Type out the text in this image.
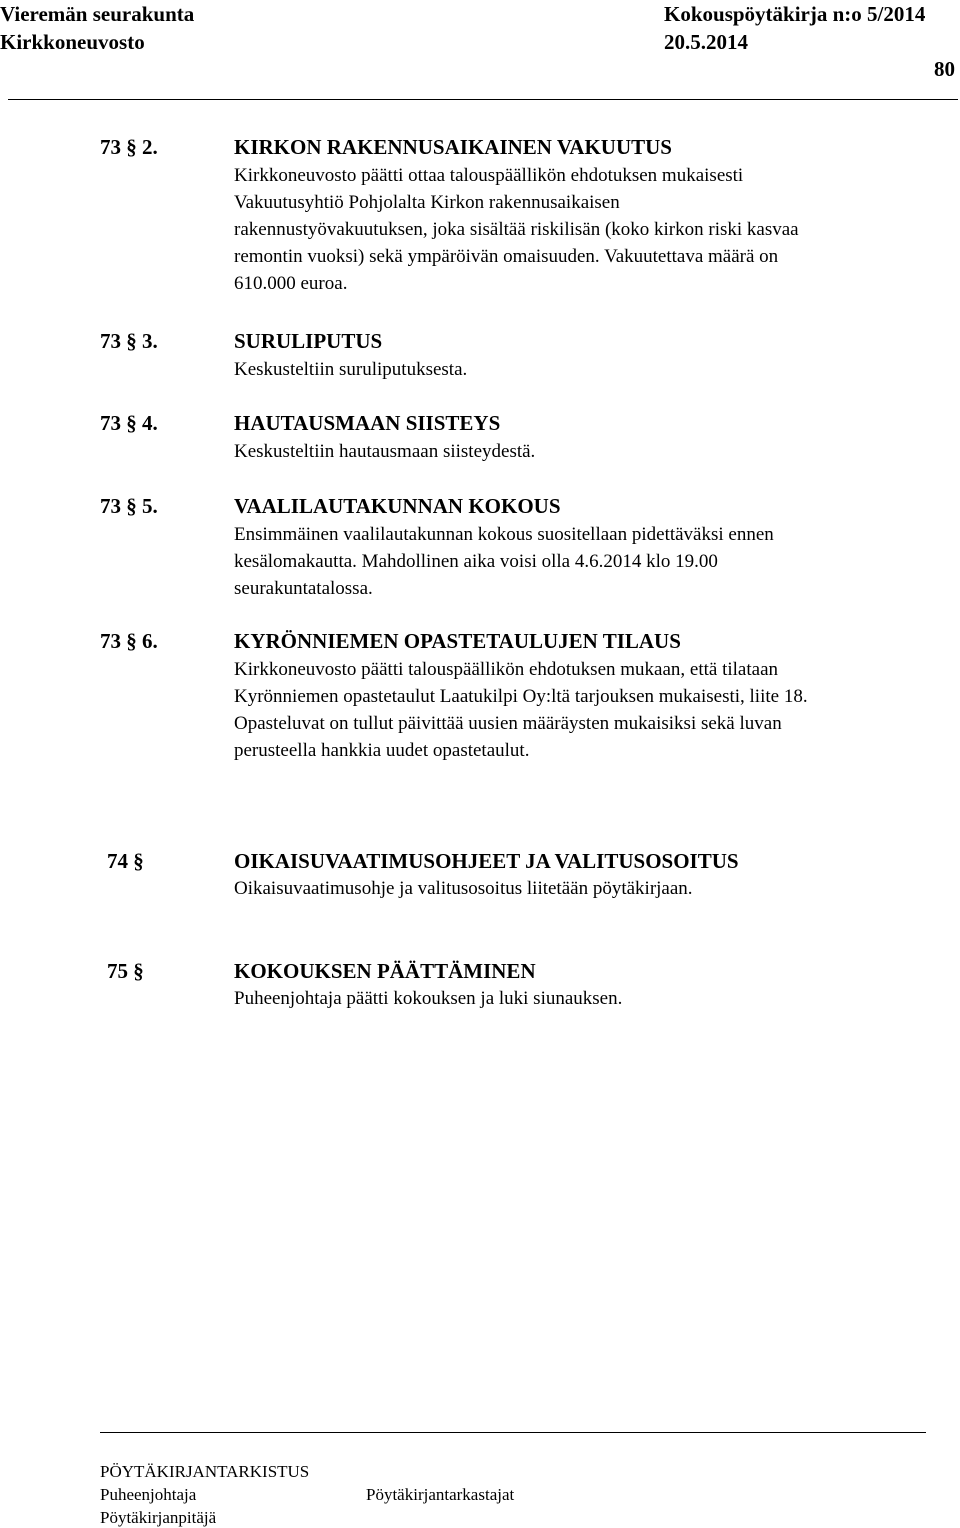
Vieremän seurakunta
Kirkkoneuvosto
Kokouspöytäkirja n:o 5/2014
20.5.2014
80
73 § 2.	KIRKON RAKENNUSAIKAINEN VAKUUTUS
Kirkkoneuvosto päätti ottaa talouspäällikön ehdotuksen mukaisesti
Vakuutusyhtiö Pohjolalta Kirkon rakennusaikaisen
rakennustyövakuutuksen, joka sisältää riskilisän (koko kirkon riski kasvaa
remontin vuoksi) sekä ympäröivän omaisuuden. Vakuutettava määrä on
610.000 euroa.
73 § 3.	SURULIPUTUS
Keskusteltiin suruliputuksesta.
73 § 4.	HAUTAUSMAAN SIISTEYS
Keskusteltiin hautausmaan siisteydestä.
73 § 5.	VAALILAUTAKUNNAN KOKOUS
Ensimmäinen vaalilautakunnan kokous suositellaan pidettäväksi ennen
kesälomakautta. Mahdollinen aika voisi olla 4.6.2014 klo 19.00
seurakuntatalossa.
73 § 6.	KYRÖNNIEMEN OPASTETAULUJEN TILAUS
Kirkkoneuvosto päätti talouspäällikön ehdotuksen mukaan, että tilataan
Kyrönniemen opastetaulut Laatukilpi Oy:ltä tarjouksen mukaisesti, liite 18.
Opasteluvat on tullut päivittää uusien määräysten mukaisiksi sekä luvan
perusteella hankkia uudet opastetaulut.
74 §	OIKAISUVAATIMUSOHJEET JA VALITUSOSOITUS
Oikaisuvaatimusohje ja valitusosoitus liitetään pöytäkirjaan.
75 §	KOKOUKSEN PÄÄTTÄMINEN
Puheenjohtaja päätti kokouksen ja luki siunauksen.
PÖYTÄKIRJANTARKISTUS
Puheenjohtaja	Pöytäkirjantarkastajat
Pöytäkirjanpitäjä
